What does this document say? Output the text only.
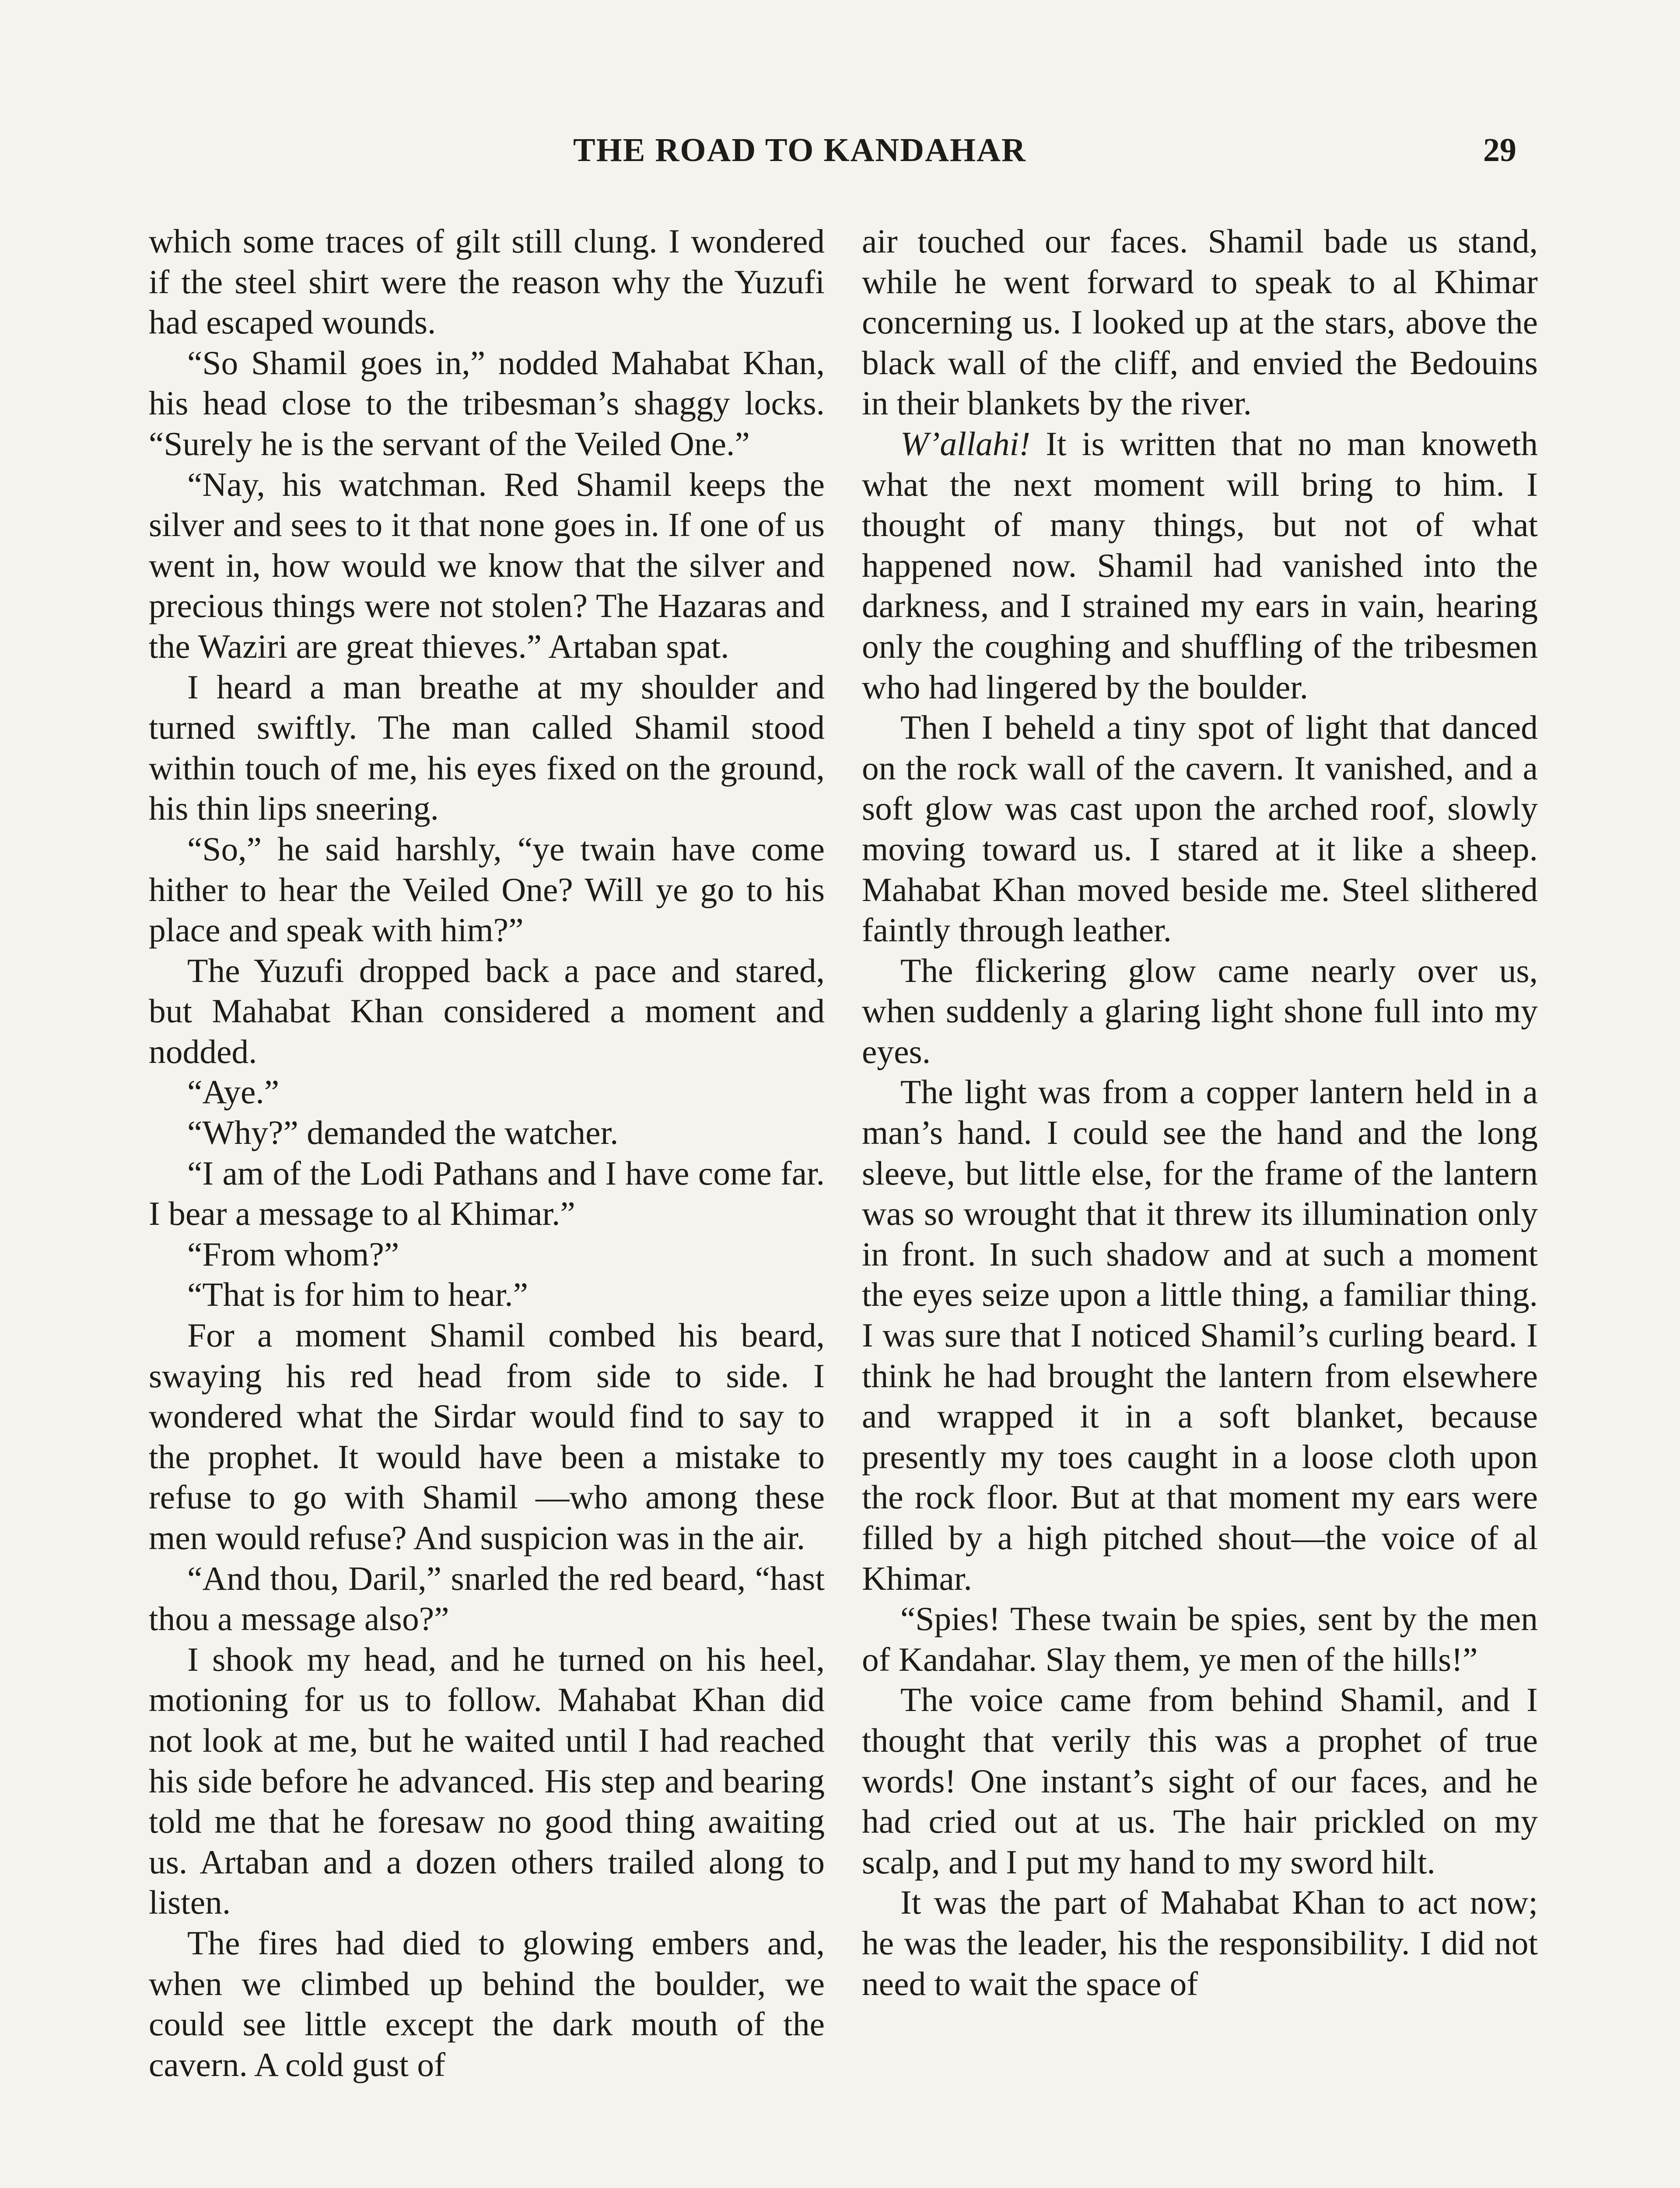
THE ROAD TO KANDAHAR	29

which some traces of gilt still clung. I wondered if the steel shirt were the reason why the Yuzufi had escaped wounds.

“So Shamil goes in,” nodded Mahabat Khan, his head close to the tribesman’s shaggy locks. “Surely he is the servant of the Veiled One.”

“Nay, his watchman. Red Shamil keeps the silver and sees to it that none goes in. If one of us went in, how would we know that the silver and precious things were not stolen? The Hazaras and the Waziri are great thieves.” Artaban spat.

I heard a man breathe at my shoulder and turned swiftly. The man called Shamil stood within touch of me, his eyes fixed on the ground, his thin lips sneering.

“So,” he said harshly, “ye twain have come hither to hear the Veiled One? Will ye go to his place and speak with him?”

The Yuzufi dropped back a pace and stared, but Mahabat Khan considered a moment and nodded.

“Aye.”

“Why?” demanded the watcher.

“I am of the Lodi Pathans and I have come far. I bear a message to al Khimar.”

“From whom?”

“That is for him to hear.”

For a moment Shamil combed his beard, swaying his red head from side to side. I wondered what the Sirdar would find to say to the prophet. It would have been a mistake to refuse to go with Shamil —who among these men would refuse? And suspicion was in the air.

“And thou, Daril,” snarled the red beard, “hast thou a message also?”

I shook my head, and he turned on his heel, motioning for us to follow. Mahabat Khan did not look at me, but he waited until I had reached his side before he advanced. His step and bearing told me that he foresaw no good thing awaiting us. Artaban and a dozen others trailed along to listen.

The fires had died to glowing embers and, when we climbed up behind the boulder, we could see little except the dark mouth of the cavern. A cold gust of

air touched our faces. Shamil bade us stand, while he went forward to speak to al Khimar concerning us. I looked up at the stars, above the black wall of the cliff, and envied the Bedouins in their blankets by the river.

W’allahi! It is written that no man knoweth what the next moment will bring to him. I thought of many things, but not of what happened now. Shamil had vanished into the darkness, and I strained my ears in vain, hearing only the coughing and shuffling of the tribesmen who had lingered by the boulder.

Then I beheld a tiny spot of light that danced on the rock wall of the cavern. It vanished, and a soft glow was cast upon the arched roof, slowly moving toward us. I stared at it like a sheep. Mahabat Khan moved beside me. Steel slithered faintly through leather.

The flickering glow came nearly over us, when suddenly a glaring light shone full into my eyes.

The light was from a copper lantern held in a man’s hand. I could see the hand and the long sleeve, but little else, for the frame of the lantern was so wrought that it threw its illumination only in front. In such shadow and at such a moment the eyes seize upon a little thing, a familiar thing. I was sure that I noticed Shamil’s curling beard. I think he had brought the lantern from elsewhere and wrapped it in a soft blanket, because presently my toes caught in a loose cloth upon the rock floor. But at that moment my ears were filled by a high pitched shout—the voice of al Khimar.

“Spies! These twain be spies, sent by the men of Kandahar. Slay them, ye men of the hills!”

The voice came from behind Shamil, and I thought that verily this was a prophet of true words! One instant’s sight of our faces, and he had cried out at us. The hair prickled on my scalp, and I put my hand to my sword hilt.

It was the part of Mahabat Khan to act now; he was the leader, his the responsibility. I did not need to wait the space of
